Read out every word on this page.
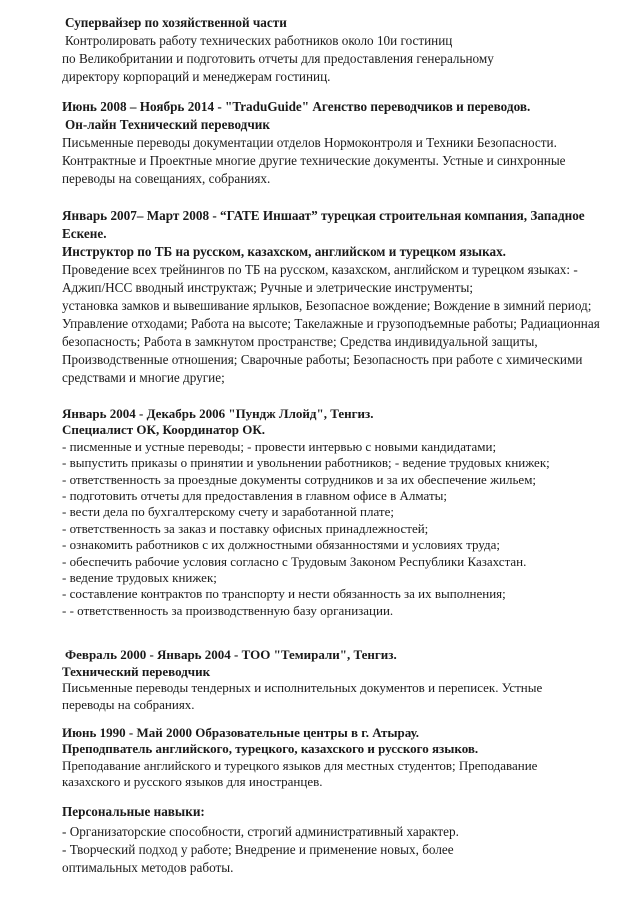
Супервайзер по хозяйственной части
Контролировать работу технических работников около 10и гостиниц
по Великобритании и подготовить отчеты для предоставления генеральному
директору корпораций и менеджерам гостиниц.
Июнь 2008 – Ноябрь 2014 - "TraduGuide" Агенство переводчиков и переводов.
Он-лайн Технический переводчик
Письменные переводы документации отделов Нормоконтроля и Техники Безопасности.
Контрактные и Проектные многие другие технические документы. Устные и синхронные
переводы на совещаниях, собраниях.
Январь 2007– Март 2008 - “ГАТЕ Иншаат” турецкая строительная компания, Западное
Ескене.
Инструктор по ТБ на русском, казахском, английском и турецком языках.
Проведение всех трейнингов по ТБ на русском, казахском, английском и турецком языках: -
Аджип/НСС вводный инструктаж; Ручные и элетрические инструменты;
установка замков и вывешивание ярлыков, Безопасное вождение; Вождение в зимний период;
Управление отходами; Работа на высоте; Такелажные и грузоподъемные работы; Радиационная
безопасность; Работа в замкнутом пространстве; Средства индивидуальной защиты,
Производственные отношения; Сварочные работы; Безопасность при работе с химическими
средствами и многие другие;
Январь 2004 - Декабрь 2006 "Пундж Ллойд", Тенгиз.
Специалист ОК, Координатор ОК.
- писменные и устные переводы; - провести интервью с новыми кандидатами;
- выпустить приказы о принятии и увольнении работников; - ведение трудовых книжек;
- ответственность за проездные документы сотрудников и за их обеспечение жильем;
- подготовить отчеты для предоставления в главном офисе в Алматы;
- вести дела по бухгалтерскому счету и заработанной плате;
- ответственность за заказ и поставку офисных принадлежностей;
- ознакомить работников с их должностными обязанностями и условиях труда;
- обеспечить рабочие условия согласно с Трудовым Законом Республики Казахстан.
- ведение трудовых книжек;
- составление контрактов по транспорту и нести обязанность за их выполнения;
- - ответственность за производственную базу организации.
Февраль 2000 - Январь 2004 - ТОО "Темирали", Тенгиз.
Технический переводчик
Письменные переводы тендерных и исполнительных документов и переписек. Устные
переводы на собраниях.
Июнь 1990 - Май 2000 Образовательные центры в г. Атырау.
Преподпватель английского, турецкого, казахского и русского языков.
Преподавание английского и турецкого языков для местных студентов; Преподавание
казахского и русского языков для иностранцев.
Персональные навыки:
- Организаторские способности, строгий административный характер.
- Творческий подход у работе; Внедрение и применение новых, более
оптимальных методов работы.
